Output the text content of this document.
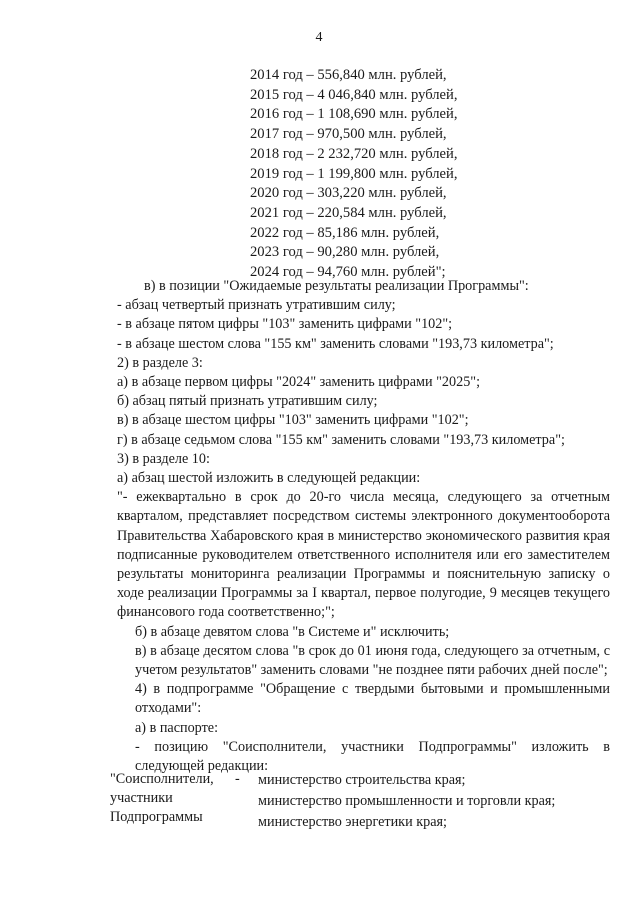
4
2014 год – 556,840 млн. рублей,
2015 год – 4 046,840 млн. рублей,
2016 год – 1 108,690 млн. рублей,
2017 год – 970,500 млн. рублей,
2018 год – 2 232,720 млн. рублей,
2019 год – 1 199,800 млн. рублей,
2020 год – 303,220 млн. рублей,
2021 год – 220,584 млн. рублей,
2022 год – 85,186 млн. рублей,
2023 год – 90,280 млн. рублей,
2024 год – 94,760 млн. рублей";
в) в позиции "Ожидаемые результаты реализации Программы":
- абзац четвертый признать утратившим силу;
- в абзаце пятом цифры "103" заменить цифрами "102";
- в абзаце шестом слова "155 км" заменить словами "193,73 километра";
2) в разделе 3:
а) в абзаце первом цифры "2024" заменить цифрами "2025";
б) абзац пятый признать утратившим силу;
в) в абзаце шестом цифры "103" заменить цифрами "102";
г) в абзаце седьмом слова "155 км" заменить словами "193,73 километра";
3) в разделе 10:
а) абзац шестой изложить в следующей редакции:

"- ежеквартально в срок до 20-го числа месяца, следующего за отчетным кварталом, представляет посредством системы электронного документооборота Правительства Хабаровского края в министерство экономического развития края подписанные руководителем ответственного исполнителя или его заместителем результаты мониторинга реализации Программы и пояснительную записку о ходе реализации Программы за I квартал, первое полугодие, 9 месяцев текущего финансового года соответственно;";

б) в абзаце девятом слова "в Системе и" исключить;

в) в абзаце десятом слова "в срок до 01 июня года, следующего за отчетным, с учетом результатов" заменить словами "не позднее пяти рабочих дней после";

4) в подпрограмме "Обращение с твердыми бытовыми и промышленными отходами":

а) в паспорте:

- позицию "Соисполнители, участники Подпрограммы" изложить в следующей редакции:

"Соисполнители,
участники
Подпрограммы
- министерство строительства края;
министерство промышленности и торговли края;
министерство энергетики края;
